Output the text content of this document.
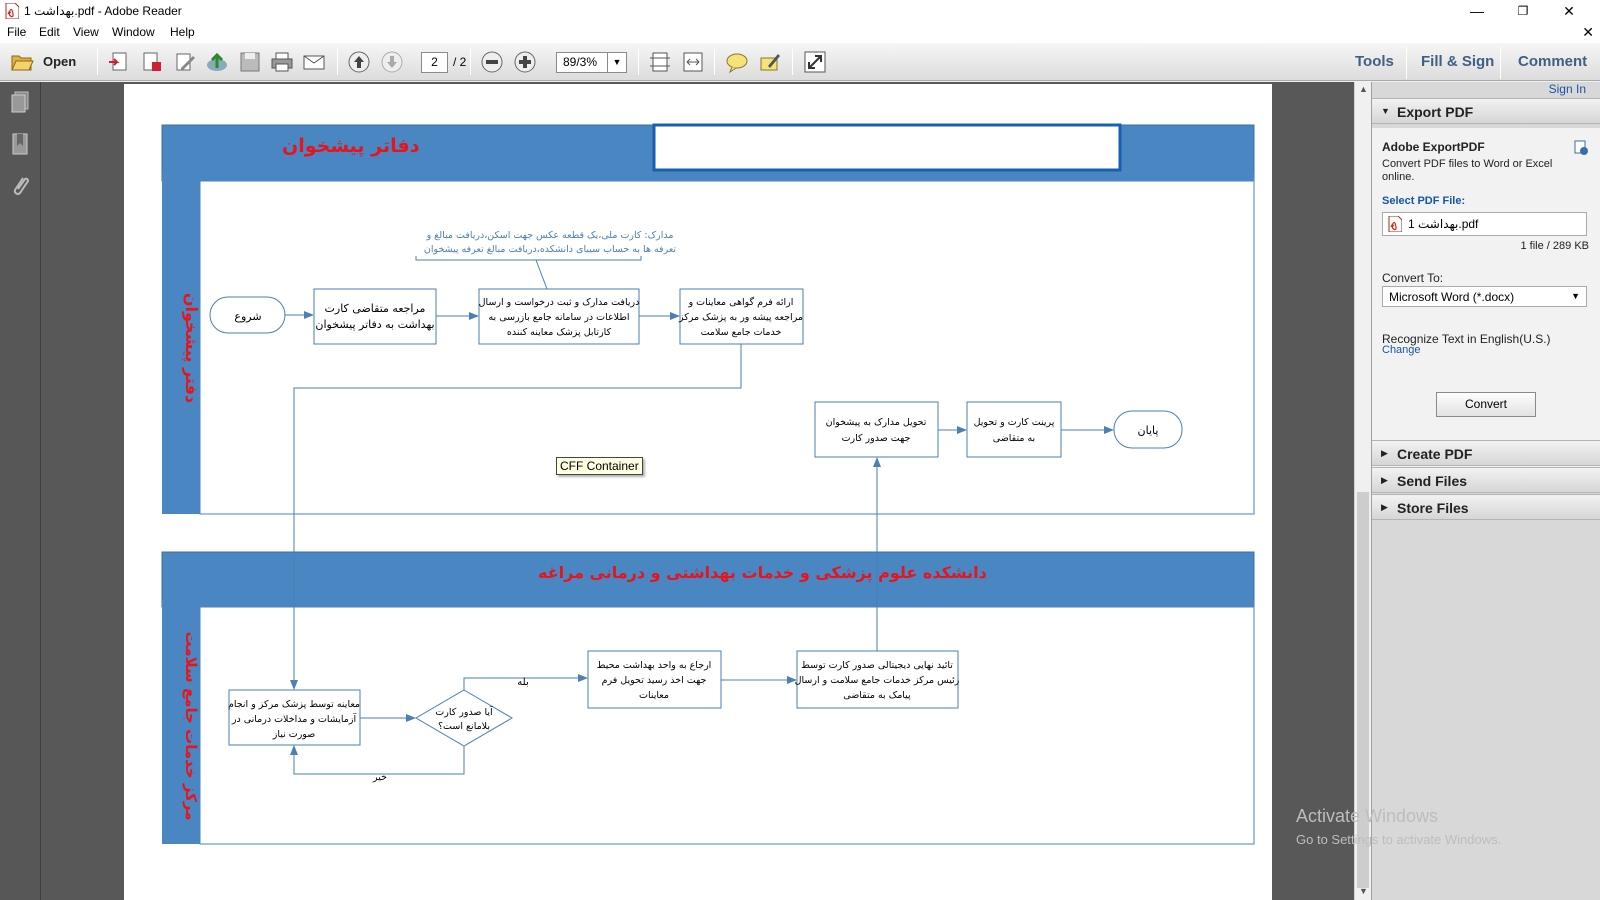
بهداشت 1.pdf - Adobe Reader	—	❐	✕
File Edit View Window Help	✕
Open	2	/ 2	89/3%	▼	Tools Fill & Sign Comment
دفاتر پیشخوان
دفتر پیشخوان
دانشکده علوم پزشکی و خدمات بهداشتی و درمانی مراغه
مرکز خدمات جامع سلامت
مدارک: کارت ملی،یک قطعه عکس جهت اسکن،دریافت مبالغ و
تعرفه ها به حساب سیبای دانشکده،دریافت مبالغ تعرفه پیشخوان
شروع
مراجعه متقاضی کارت
بهداشت به دفاتر پیشخوان
دریافت مدارک و ثبت درخواست و ارسال
اطلاعات در سامانه جامع بازرسی به
کارتابل پزشک معاینه کننده
ارائه فرم گواهی معاینات و
مراجعه پیشه ور به پزشک مرکز
خدمات جامع سلامت
تحویل مدارک به پیشخوان
جهت صدور کارت
پرینت کارت و تحویل
به متقاضی
پایان
معاینه توسط پزشک مرکز و انجام
آزمایشات و مداخلات درمانی در
صورت نیاز
آیا صدور کارت
بلامانع است؟
خیر
بله
ارجاع به واحد بهداشت محیط
جهت اخذ رسید تحویل فرم
معاینات
تائید نهایی دیجیتالی صدور کارت توسط
رئیس مرکز خدمات جامع سلامت و ارسال
پیامک به متقاضی
CFF Container
▲
▼
Sign In
▼ Export PDF
Adobe ExportPDF
Convert PDF files to Word or Excel online.
Select PDF File:
بهداشت 1.pdf
1 file / 289 KB
Convert To:
Microsoft Word (*.docx)	▼
Recognize Text in English(U.S.)
Change
Convert
▶ Create PDF
▶ Send Files
▶ Store Files
Activate Windows
Go to Settings to activate Windows.
